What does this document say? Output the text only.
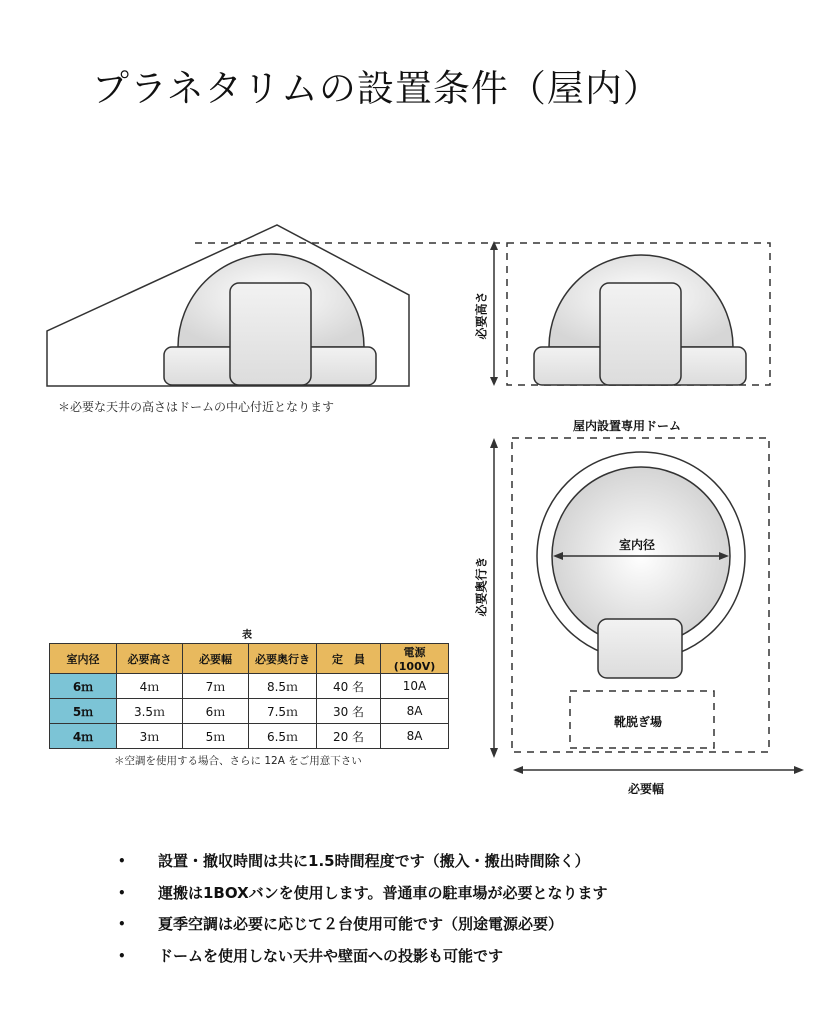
プラネタリムの設置条件（屋内）
＊必要な天井の高さはドームの中心付近となります
必要高さ
屋内設置専用ドーム
室内径
必要奥行き
靴脱ぎ場
必要幅
表
室内径	必要高さ	必要幅	必要奥行き	定　員	電源 (100V)
6ｍ	4ｍ	7ｍ	8.5ｍ	40 名	10A
5ｍ	3.5ｍ	6ｍ	7.5ｍ	30 名	8A
4ｍ	3ｍ	5ｍ	6.5ｍ	20 名	8A
＊空調を使用する場合、さらに 12A をご用意下さい
• 設置・撤収時間は共に1.5時間程度です（搬入・搬出時間除く）
• 運搬は1BOXバンを使用します。普通車の駐車場が必要となります
• 夏季空調は必要に応じて２台使用可能です（別途電源必要）
• ドームを使用しない天井や壁面への投影も可能です
